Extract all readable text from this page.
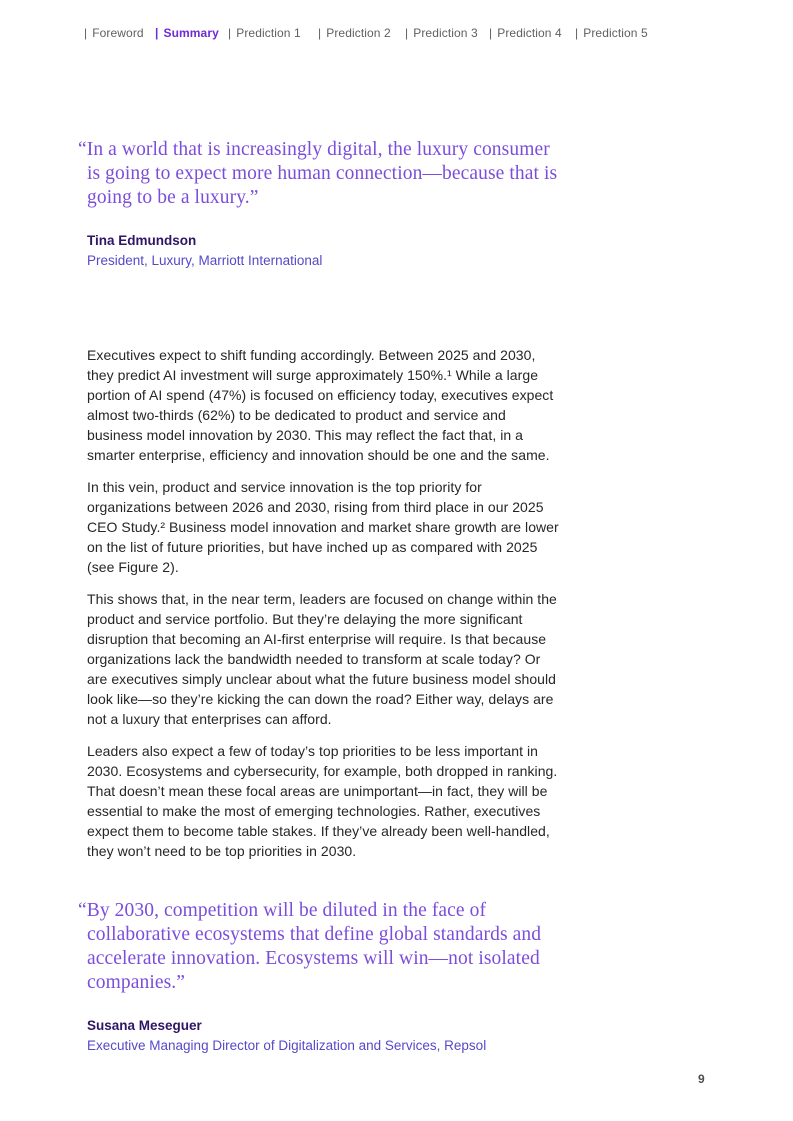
| Foreword | Summary | Prediction 1 | Prediction 2 | Prediction 3 | Prediction 4 | Prediction 5
“In a world that is increasingly digital, the luxury consumer is going to expect more human connection—because that is going to be a luxury.”
Tina Edmundson
President, Luxury, Marriott International

Executives expect to shift funding accordingly. Between 2025 and 2030, they predict AI investment will surge approximately 150%.¹ While a large portion of AI spend (47%) is focused on efficiency today, executives expect almost two-thirds (62%) to be dedicated to product and service and business model innovation by 2030. This may reflect the fact that, in a smarter enterprise, efficiency and innovation should be one and the same.

In this vein, product and service innovation is the top priority for organizations between 2026 and 2030, rising from third place in our 2025 CEO Study.² Business model innovation and market share growth are lower on the list of future priorities, but have inched up as compared with 2025 (see Figure 2).

This shows that, in the near term, leaders are focused on change within the product and service portfolio. But they’re delaying the more significant disruption that becoming an AI-first enterprise will require. Is that because organizations lack the bandwidth needed to transform at scale today? Or are executives simply unclear about what the future business model should look like—so they’re kicking the can down the road? Either way, delays are not a luxury that enterprises can afford.

Leaders also expect a few of today’s top priorities to be less important in 2030. Ecosystems and cybersecurity, for example, both dropped in ranking. That doesn’t mean these focal areas are unimportant—in fact, they will be essential to make the most of emerging technologies. Rather, executives expect them to become table stakes. If they’ve already been well-handled, they won’t need to be top priorities in 2030.

“By 2030, competition will be diluted in the face of collaborative ecosystems that define global standards and accelerate innovation. Ecosystems will win—not isolated companies.”
Susana Meseguer
Executive Managing Director of Digitalization and Services, Repsol
9
